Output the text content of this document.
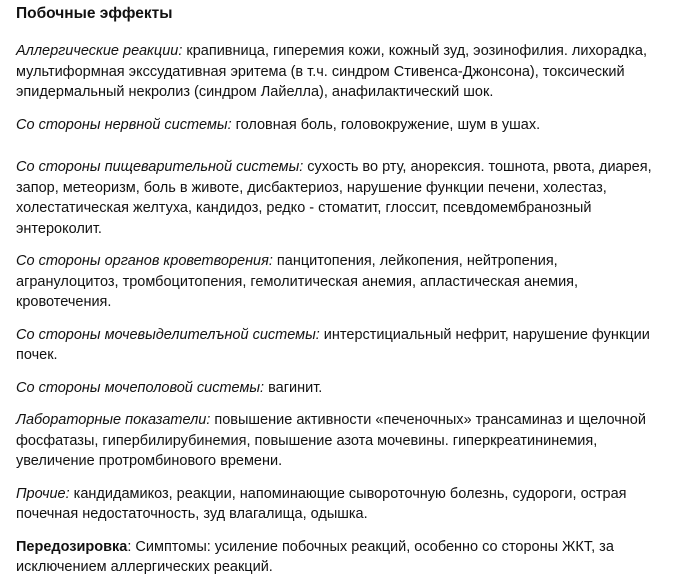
Побочные эффекты

Аллергические реакции: крапивница, гиперемия кожи, кожный зуд, эозинофилия. лихорадка, мультиформная экссудативная эритема (в т.ч. синдром Стивенса-Джонсона), токсический эпидермальный некролиз (синдром Лайелла), анафилактический шок.

Со стороны нервной системы: головная боль, головокружение, шум в ушах.

Со стороны пищеварительной системы: сухость во рту, анорексия. тошнота, рвота, диарея, запор, метеоризм, боль в животе, дисбактериоз, нарушение функции печени, холестаз, холестатическая желтуха, кандидоз, редко - стоматит, глоссит, псевдомембранозный энтероколит.

Со стороны органов кроветворения: панцитопения, лейкопения, нейтропения, агранулоцитоз, тромбоцитопения, гемолитическая анемия, апластическая анемия, кровотечения.

Со стороны мочевыделителъной системы: интерстициальный нефрит, нарушение функции почек.

Со стороны мочеполовой системы: вагинит.

Лабораторные показатели: повышение активности «печеночных» трансаминаз и щелочной фосфатазы, гипербилирубинемия, повышение азота мочевины. гиперкреатининемия, увеличение протромбинового времени.

Прочие: кандидамикоз, реакции, напоминающие сывороточную болезнь, судороги, острая почечная недостаточность, зуд влагалища, одышка.

Передозировка: Симптомы: усиление побочных реакций, особенно со стороны ЖКТ, за исключением аллергических реакций.
